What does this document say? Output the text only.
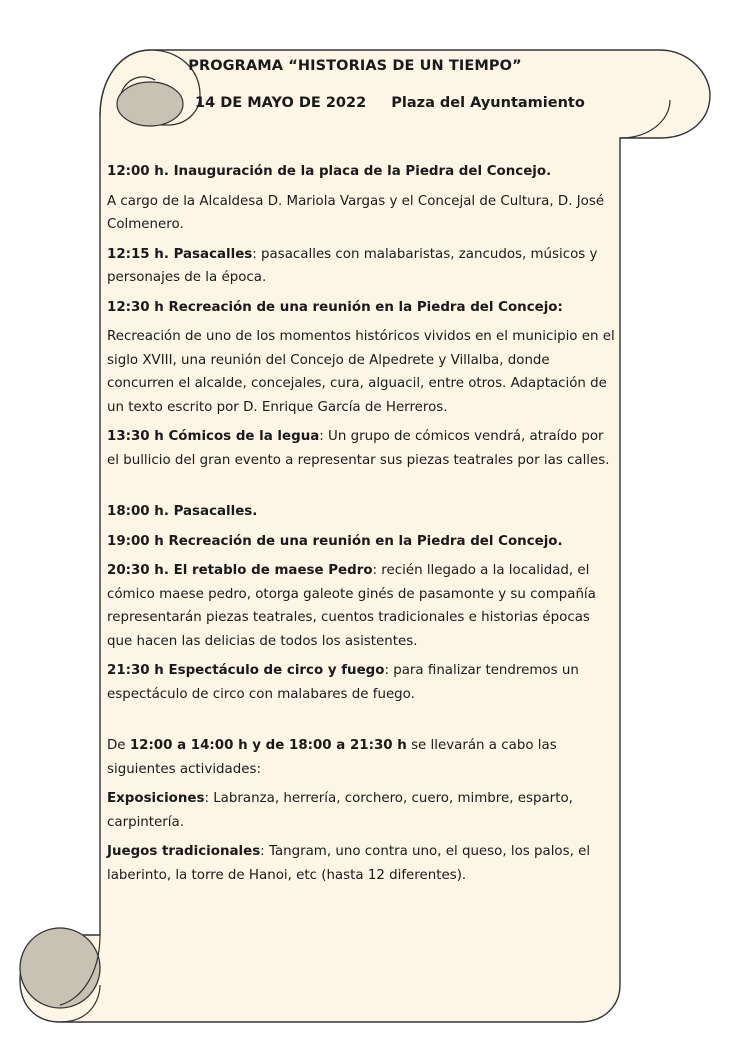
PROGRAMA “HISTORIAS DE UN TIEMPO”
14 DE MAYO DE 2022 Plaza del Ayuntamiento

12:00 h. Inauguración de la placa de la Piedra del Concejo.

A cargo de la Alcaldesa D. Mariola Vargas y el Concejal de Cultura, D. José Colmenero.

12:15 h. Pasacalles: pasacalles con malabaristas, zancudos, músicos y personajes de la época.

12:30 h Recreación de una reunión en la Piedra del Concejo:

Recreación de uno de los momentos históricos vividos en el municipio en el siglo XVIII, una reunión del Concejo de Alpedrete y Villalba, donde concurren el alcalde, concejales, cura, alguacil, entre otros. Adaptación de un texto escrito por D. Enrique García de Herreros.

13:30 h Cómicos de la legua: Un grupo de cómicos vendrá, atraído por el bullicio del gran evento a representar sus piezas teatrales por las calles.

18:00 h. Pasacalles.

19:00 h Recreación de una reunión en la Piedra del Concejo.

20:30 h. El retablo de maese Pedro: recién llegado a la localidad, el cómico maese pedro, otorga galeote ginés de pasamonte y su compañía representarán piezas teatrales, cuentos tradicionales e historias épocas que hacen las delicias de todos los asistentes.

21:30 h Espectáculo de circo y fuego: para finalizar tendremos un espectáculo de circo con malabares de fuego.

De 12:00 a 14:00 h y de 18:00 a 21:30 h se llevarán a cabo las siguientes actividades:

Exposiciones: Labranza, herrería, corchero, cuero, mimbre, esparto, carpintería.

Juegos tradicionales: Tangram, uno contra uno, el queso, los palos, el laberinto, la torre de Hanoi, etc (hasta 12 diferentes).
